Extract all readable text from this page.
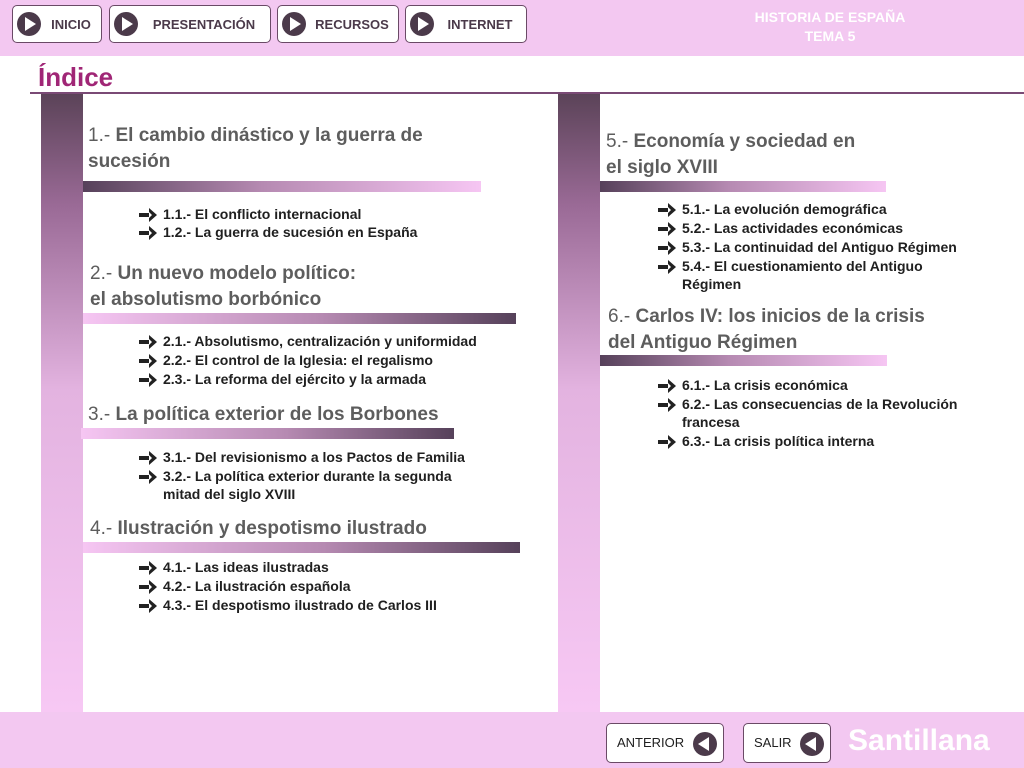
INICIO	PRESENTACIÓN	RECURSOS	INTERNET	HISTORIA DE ESPAÑA
TEMA 5
Índice
1.- El cambio dinástico y la guerra de
sucesión
1.1.- El conflicto internacional
1.2.- La guerra de sucesión en España
2.- Un nuevo modelo político:
el absolutismo borbónico
2.1.- Absolutismo, centralización y uniformidad
2.2.- El control de la Iglesia: el regalismo
2.3.- La reforma del ejército y la armada
3.- La política exterior de los Borbones
3.1.- Del revisionismo a los Pactos de Familia
3.2.- La política exterior durante la segunda
mitad del siglo XVIII
4.- Ilustración y despotismo ilustrado
4.1.- Las ideas ilustradas
4.2.- La ilustración española
4.3.- El despotismo ilustrado de Carlos III
5.- Economía y sociedad en
el siglo XVIII
5.1.- La evolución demográfica
5.2.- Las actividades económicas
5.3.- La continuidad del Antiguo Régimen
5.4.- El cuestionamiento del Antiguo
Régimen
6.- Carlos IV: los inicios de la crisis
del Antiguo Régimen
6.1.- La crisis económica
6.2.- Las consecuencias de la Revolución
francesa
6.3.- La crisis política interna
ANTERIOR	SALIR Santillana
